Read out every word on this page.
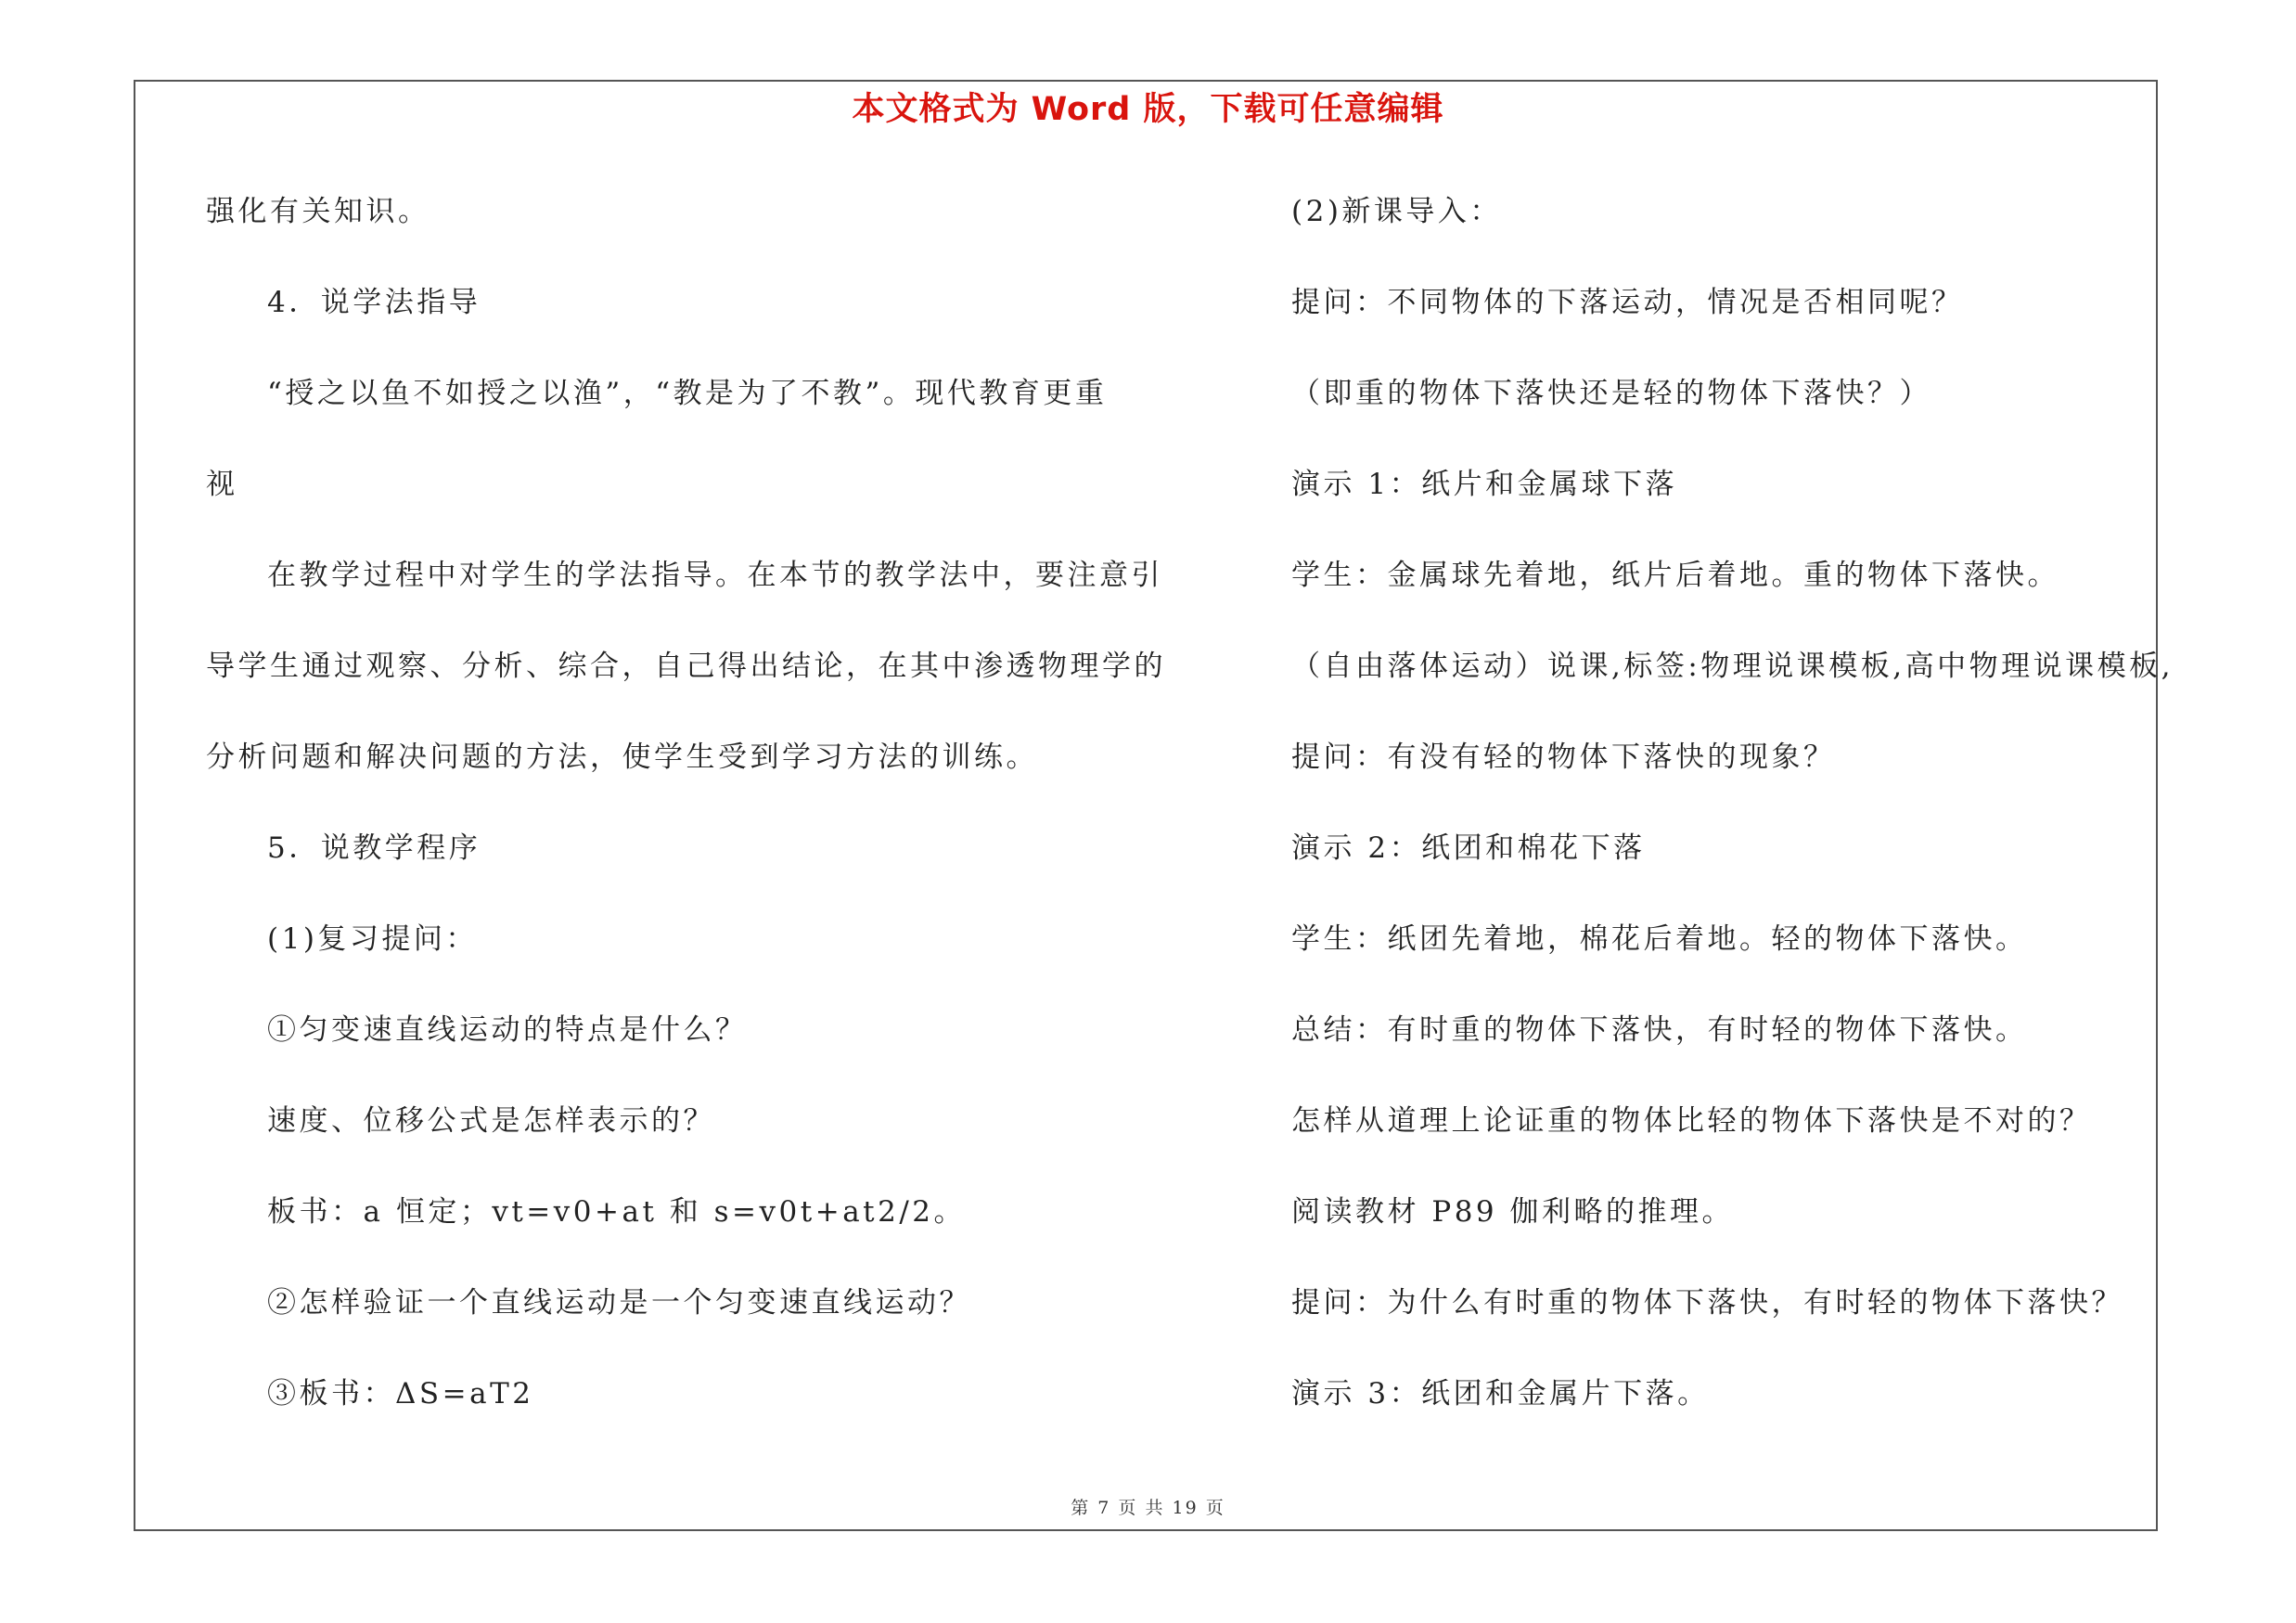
本文格式为 Word 版，下载可任意编辑
强化有关知识。
4．说学法指导
“授之以鱼不如授之以渔”，“教是为了不教”。现代教育更重
视
在教学过程中对学生的学法指导。在本节的教学法中，要注意引
导学生通过观察、分析、综合，自己得出结论，在其中渗透物理学的
分析问题和解决问题的方法，使学生受到学习方法的训练。
5．说教学程序
(1)复习提问：
①匀变速直线运动的特点是什么？
速度、位移公式是怎样表示的？
板书：a 恒定；vt=v0+at 和 s=v0t+at2/2。
②怎样验证一个直线运动是一个匀变速直线运动？
③板书：ΔS=aT2
(2)新课导入：
提问：不同物体的下落运动，情况是否相同呢？
（即重的物体下落快还是轻的物体下落快？）
演示 1：纸片和金属球下落
学生：金属球先着地，纸片后着地。重的物体下落快。
（自由落体运动）说课,标签:物理说课模板,高中物理说课模板,
提问：有没有轻的物体下落快的现象？
演示 2：纸团和棉花下落
学生：纸团先着地，棉花后着地。轻的物体下落快。
总结：有时重的物体下落快，有时轻的物体下落快。
怎样从道理上论证重的物体比轻的物体下落快是不对的？
阅读教材 P89 伽利略的推理。
提问：为什么有时重的物体下落快，有时轻的物体下落快？
演示 3：纸团和金属片下落。
第 7 页 共 19 页
